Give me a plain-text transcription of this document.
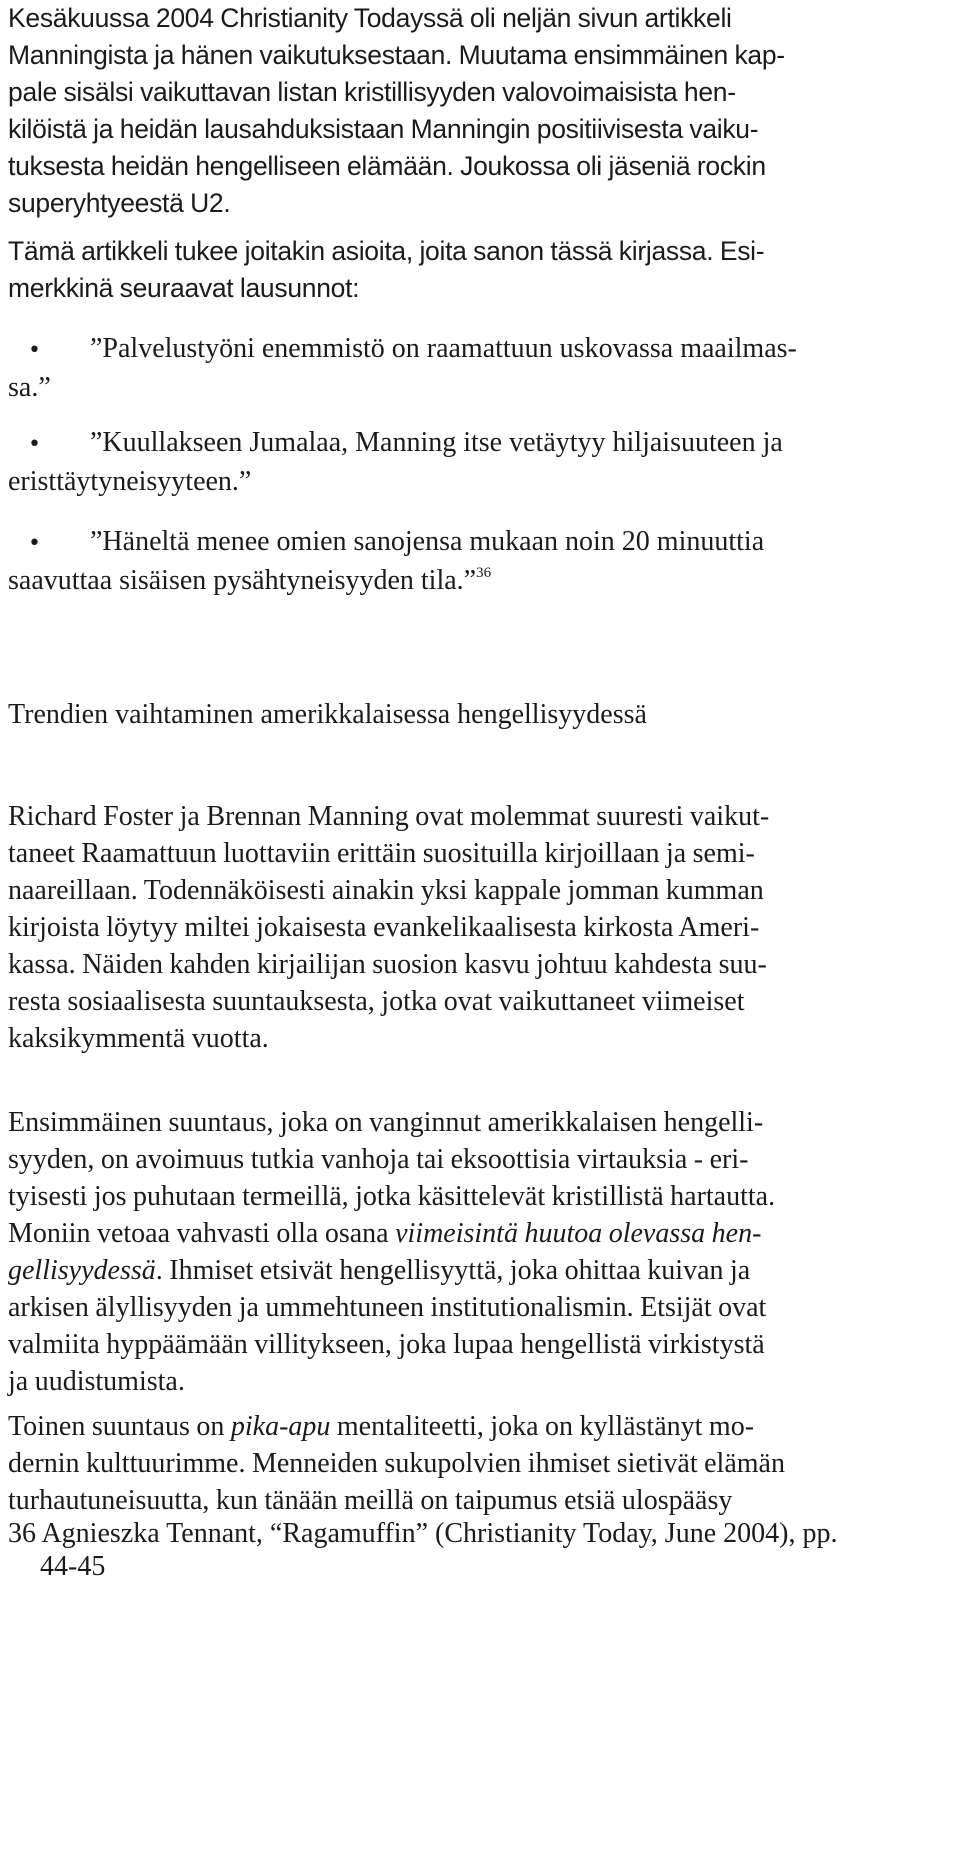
Kesäkuussa 2004 Christianity Todayssä oli neljän sivun artikkeli
Manningista ja hänen vaikutuksestaan. Muutama ensimmäinen kap-
pale sisälsi vaikuttavan listan kristillisyyden valovoimaisista hen-
kilöistä ja heidän lausahduksistaan Manningin positiivisesta vaiku-
tuksesta heidän hengelliseen elämään. Joukossa oli jäseniä rockin
superyhtyeestä U2.

Tämä artikkeli tukee joitakin asioita, joita sanon tässä kirjassa. Esi-
merkkinä seuraavat lausunnot:

• ”Palvelustyöni enemmistö on raamattuun uskovassa maailmas-
sa.”

• ”Kuullakseen Jumalaa, Manning itse vetäytyy hiljaisuuteen ja
eristtäytyneisyyteen.”

• ”Häneltä menee omien sanojensa mukaan noin 20 minuuttia
saavuttaa sisäisen pysähtyneisyyden tila.”$^{36}$

Trendien vaihtaminen amerikkalaisessa hengellisyydessä

Richard Foster ja Brennan Manning ovat molemmat suuresti vaikut-
taneet Raamattuun luottaviin erittäin suosituilla kirjoillaan ja semi-
naareillaan. Todennäköisesti ainakin yksi kappale jomman kumman
kirjoista löytyy miltei jokaisesta evankelikaalisesta kirkosta Ameri-
kassa. Näiden kahden kirjailijan suosion kasvu johtuu kahdesta suu-
resta sosiaalisesta suuntauksesta, jotka ovat vaikuttaneet viimeiset
kaksikymmentä vuotta.

Ensimmäinen suuntaus, joka on vanginnut amerikkalaisen hengelli-
syyden, on avoimuus tutkia vanhoja tai eksoottisia virtauksia - eri-
tyisesti jos puhutaan termeillä, jotka käsittelevät kristillistä hartautta.
Moniin vetoaa vahvasti olla osana viimeisintä huutoa olevassa hen-
gellisyydessä. Ihmiset etsivät hengellisyyttä, joka ohittaa kuivan ja
arkisen älyllisyyden ja ummehtuneen institutionalismin. Etsijät ovat
valmiita hyppäämään villitykseen, joka lupaa hengellistä virkistystä
ja uudistumista.

Toinen suuntaus on pika-apu mentaliteetti, joka on kyllästänyt mo-
dernin kulttuurimme. Menneiden sukupolvien ihmiset sietivät elämän
turhautuneisuutta, kun tänään meillä on taipumus etsiä ulospääsy

36 Agnieszka Tennant, “Ragamuffin” (Christianity Today, June 2004), pp.
44-45
